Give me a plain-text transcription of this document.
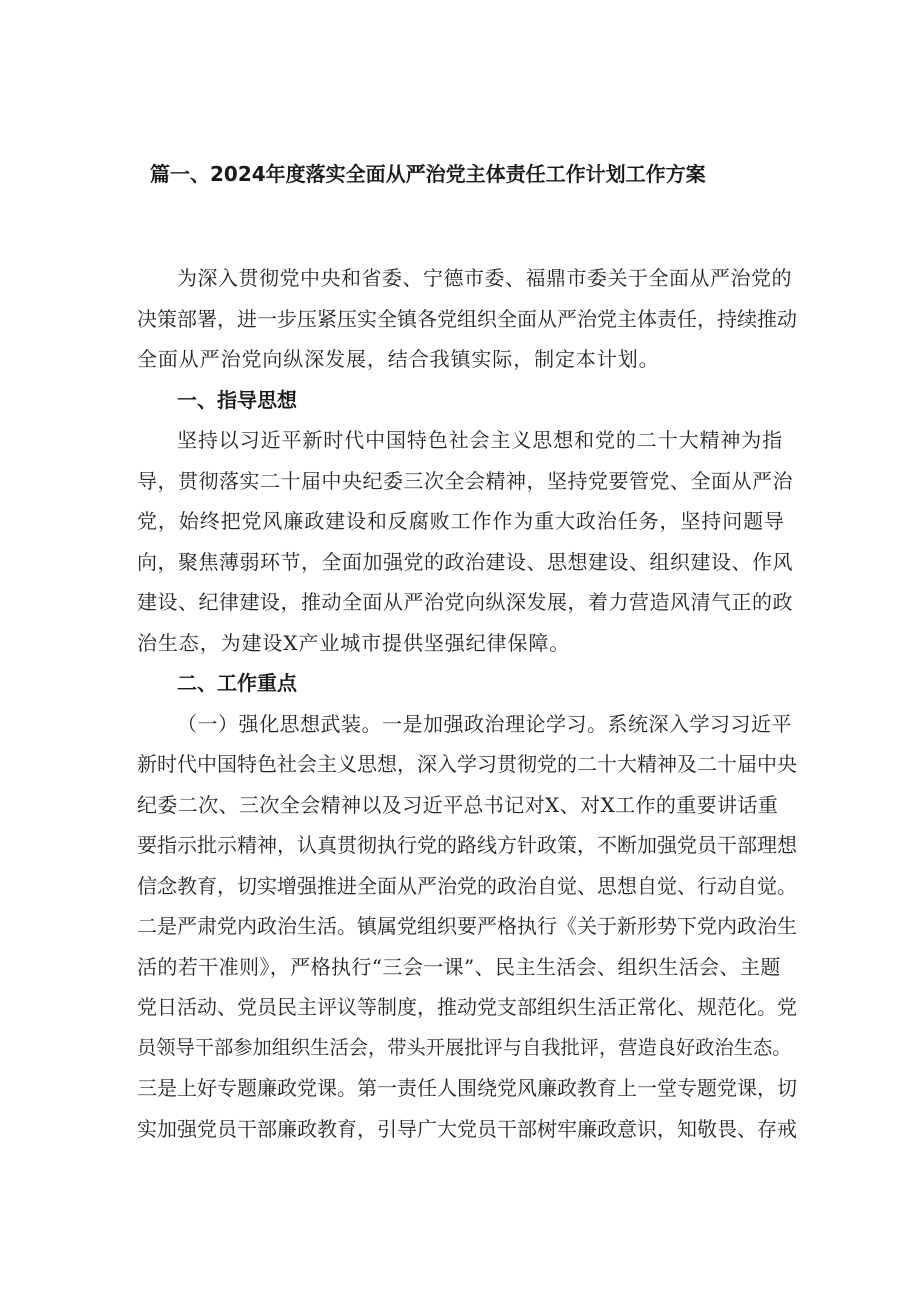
篇一、2024年度落实全面从严治党主体责任工作计划工作方案
为深入贯彻党中央和省委、宁德市委、福鼎市委关于全面从严治党的
决策部署，进一步压紧压实全镇各党组织全面从严治党主体责任，持续推动
全面从严治党向纵深发展，结合我镇实际，制定本计划。
一、指导思想
坚持以习近平新时代中国特色社会主义思想和党的二十大精神为指
导，贯彻落实二十届中央纪委三次全会精神，坚持党要管党、全面从严治
党，始终把党风廉政建设和反腐败工作作为重大政治任务，坚持问题导
向，聚焦薄弱环节，全面加强党的政治建设、思想建设、组织建设、作风
建设、纪律建设，推动全面从严治党向纵深发展，着力营造风清气正的政
治生态，为建设X产业城市提供坚强纪律保障。
二、工作重点
（一）强化思想武装。一是加强政治理论学习。系统深入学习习近平
新时代中国特色社会主义思想，深入学习贯彻党的二十大精神及二十届中央
纪委二次、三次全会精神以及习近平总书记对X、对X工作的重要讲话重
要指示批示精神，认真贯彻执行党的路线方针政策，不断加强党员干部理想
信念教育，切实增强推进全面从严治党的政治自觉、思想自觉、行动自觉。
二是严肃党内政治生活。镇属党组织要严格执行《关于新形势下党内政治生
活的若干准则》，严格执行“三会一课”、民主生活会、组织生活会、主题
党日活动、党员民主评议等制度，推动党支部组织生活正常化、规范化。党
员领导干部参加组织生活会，带头开展批评与自我批评，营造良好政治生态。
三是上好专题廉政党课。第一责任人围绕党风廉政教育上一堂专题党课，切
实加强党员干部廉政教育，引导广大党员干部树牢廉政意识，知敬畏、存戒
